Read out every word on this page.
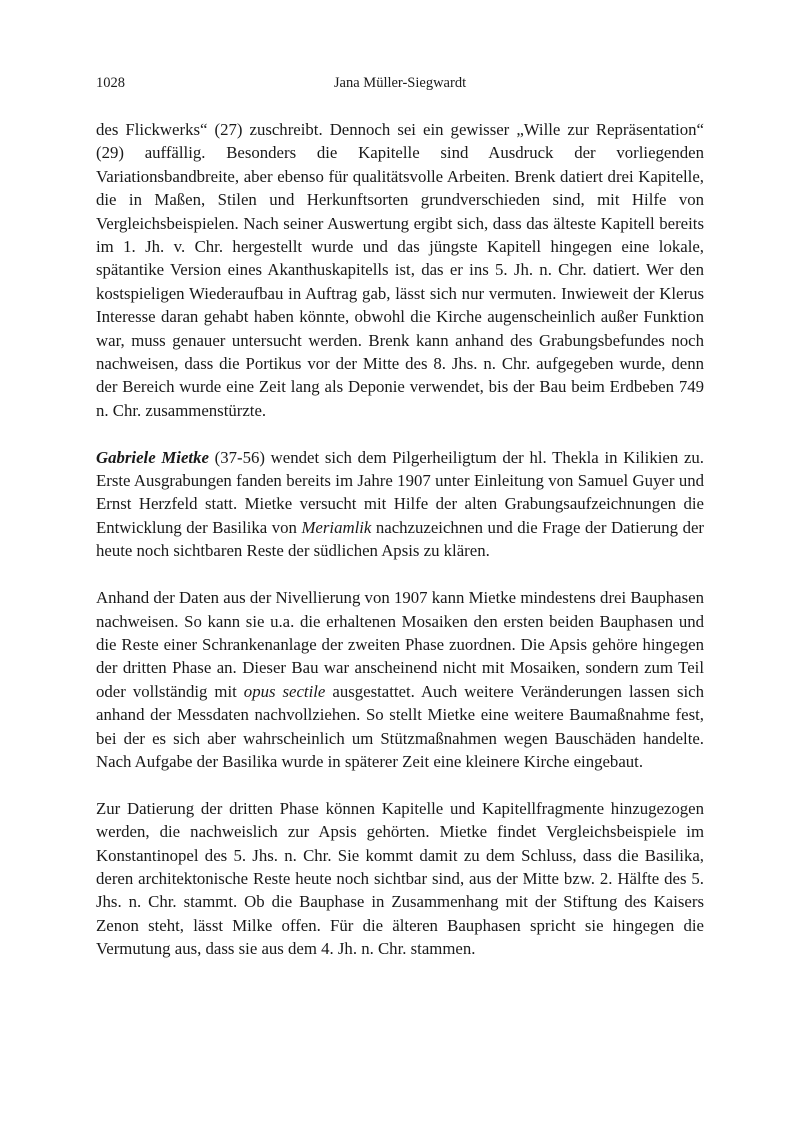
1028	Jana Müller-Siegwardt

des Flickwerks“ (27) zuschreibt. Dennoch sei ein gewisser „Wille zur Repräsentation“ (29) auffällig. Besonders die Kapitelle sind Ausdruck der vorliegenden Variationsbandbreite, aber ebenso für qualitätsvolle Arbeiten. Brenk datiert drei Kapitelle, die in Maßen, Stilen und Herkunftsorten grundverschieden sind, mit Hilfe von Vergleichsbeispielen. Nach seiner Auswertung ergibt sich, dass das älteste Kapitell bereits im 1. Jh. v. Chr. hergestellt wurde und das jüngste Kapitell hingegen eine lokale, spätantike Version eines Akanthuskapitells ist, das er ins 5. Jh. n. Chr. datiert. Wer den kostspieligen Wiederaufbau in Auftrag gab, lässt sich nur vermuten. Inwieweit der Klerus Interesse daran gehabt haben könnte, obwohl die Kirche augenscheinlich außer Funktion war, muss genauer untersucht werden. Brenk kann anhand des Grabungsbefundes noch nachweisen, dass die Portikus vor der Mitte des 8. Jhs. n. Chr. aufgegeben wurde, denn der Bereich wurde eine Zeit lang als Deponie verwendet, bis der Bau beim Erdbeben 749 n. Chr. zusammenstürzte.

Gabriele Mietke (37-56) wendet sich dem Pilgerheiligtum der hl. Thekla in Kilikien zu. Erste Ausgrabungen fanden bereits im Jahre 1907 unter Einleitung von Samuel Guyer und Ernst Herzfeld statt. Mietke versucht mit Hilfe der alten Grabungsaufzeichnungen die Entwicklung der Basilika von Meriamlik nachzuzeichnen und die Frage der Datierung der heute noch sichtbaren Reste der südlichen Apsis zu klären.

Anhand der Daten aus der Nivellierung von 1907 kann Mietke mindestens drei Bauphasen nachweisen. So kann sie u.a. die erhaltenen Mosaiken den ersten beiden Bauphasen und die Reste einer Schrankenanlage der zweiten Phase zuordnen. Die Apsis gehöre hingegen der dritten Phase an. Dieser Bau war anscheinend nicht mit Mosaiken, sondern zum Teil oder vollständig mit opus sectile ausgestattet. Auch weitere Veränderungen lassen sich anhand der Messdaten nachvollziehen. So stellt Mietke eine weitere Baumaßnahme fest, bei der es sich aber wahrscheinlich um Stützmaßnahmen wegen Bauschäden handelte. Nach Aufgabe der Basilika wurde in späterer Zeit eine kleinere Kirche eingebaut.

Zur Datierung der dritten Phase können Kapitelle und Kapitellfragmente hinzugezogen werden, die nachweislich zur Apsis gehörten. Mietke findet Vergleichsbeispiele im Konstantinopel des 5. Jhs. n. Chr. Sie kommt damit zu dem Schluss, dass die Basilika, deren architektonische Reste heute noch sichtbar sind, aus der Mitte bzw. 2. Hälfte des 5. Jhs. n. Chr. stammt. Ob die Bauphase in Zusammenhang mit der Stiftung des Kaisers Zenon steht, lässt Milke offen. Für die älteren Bauphasen spricht sie hingegen die Vermutung aus, dass sie aus dem 4. Jh. n. Chr. stammen.
